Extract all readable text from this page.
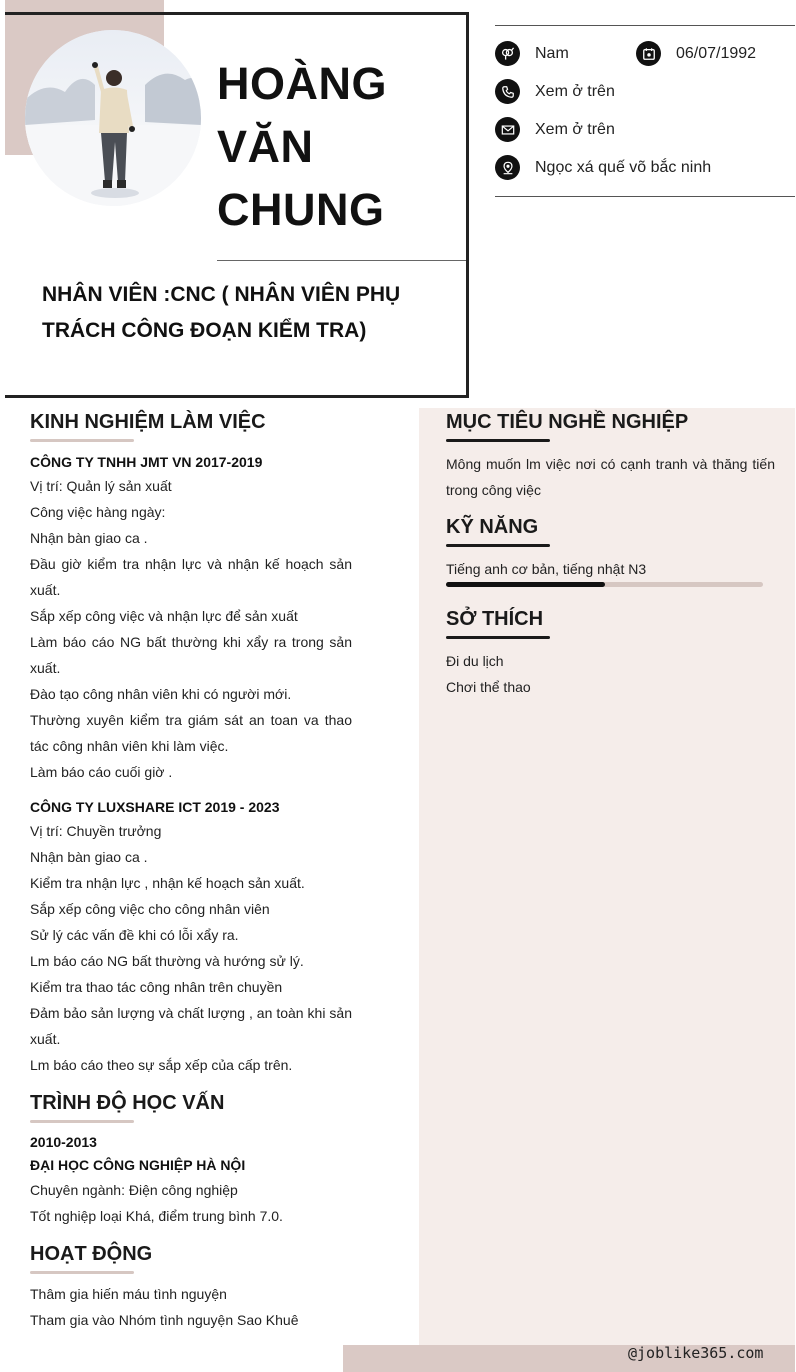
HOÀNG
VĂN
CHUNG
NHÂN VIÊN :CNC ( NHÂN VIÊN PHỤ TRÁCH CÔNG ĐOẠN KIỂM TRA)
Nam	06/07/1992
Xem ở trên
Xem ở trên
Ngọc xá quế võ bắc ninh
KINH NGHIỆM LÀM VIỆC
CÔNG TY TNHH JMT VN 2017-2019
Vị trí: Quản lý sản xuất
Công việc hàng ngày:
Nhận bàn giao ca .
Đầu giờ kiểm tra nhận lực và nhận kế hoạch sản xuất.
Sắp xếp công việc và nhận lực để sản xuất
Làm báo cáo NG bất thường khi xẩy ra trong sản xuất.
Đào tạo công nhân viên khi có người mới.
Thường xuyên kiểm tra giám sát an toan va thao tác công nhân viên khi làm việc.
Làm báo cáo cuối giờ .
CÔNG TY LUXSHARE ICT 2019 - 2023
Vị trí: Chuyền trưởng
Nhận bàn giao ca .
Kiểm tra nhận lực , nhận kế hoạch sản xuất.
Sắp xếp công việc cho công nhân viên
Sử lý các vấn đề khi có lỗi xẩy ra.
Lm báo cáo NG bất thường và hướng sử lý.
Kiểm tra thao tác công nhân trên chuyền
Đảm bảo sản lượng và chất lượng , an toàn khi sản xuất.
Lm báo cáo theo sự sắp xếp của cấp trên.
TRÌNH ĐỘ HỌC VẤN
2010-2013
ĐẠI HỌC CÔNG NGHIỆP HÀ NỘI
Chuyên ngành: Điện công nghiệp
Tốt nghiệp loại Khá, điểm trung bình 7.0.
HOẠT ĐỘNG
Thâm gia hiến máu tình nguyện
Tham gia vào Nhóm tình nguyện Sao Khuê
MỤC TIÊU NGHỀ NGHIỆP
Mông muốn lm việc nơi có cạnh tranh và thăng tiến trong công việc
KỸ NĂNG
Tiếng anh cơ bản, tiếng nhật N3
SỞ THÍCH
Đi du lịch
Chơi thể thao
@joblike365.com
